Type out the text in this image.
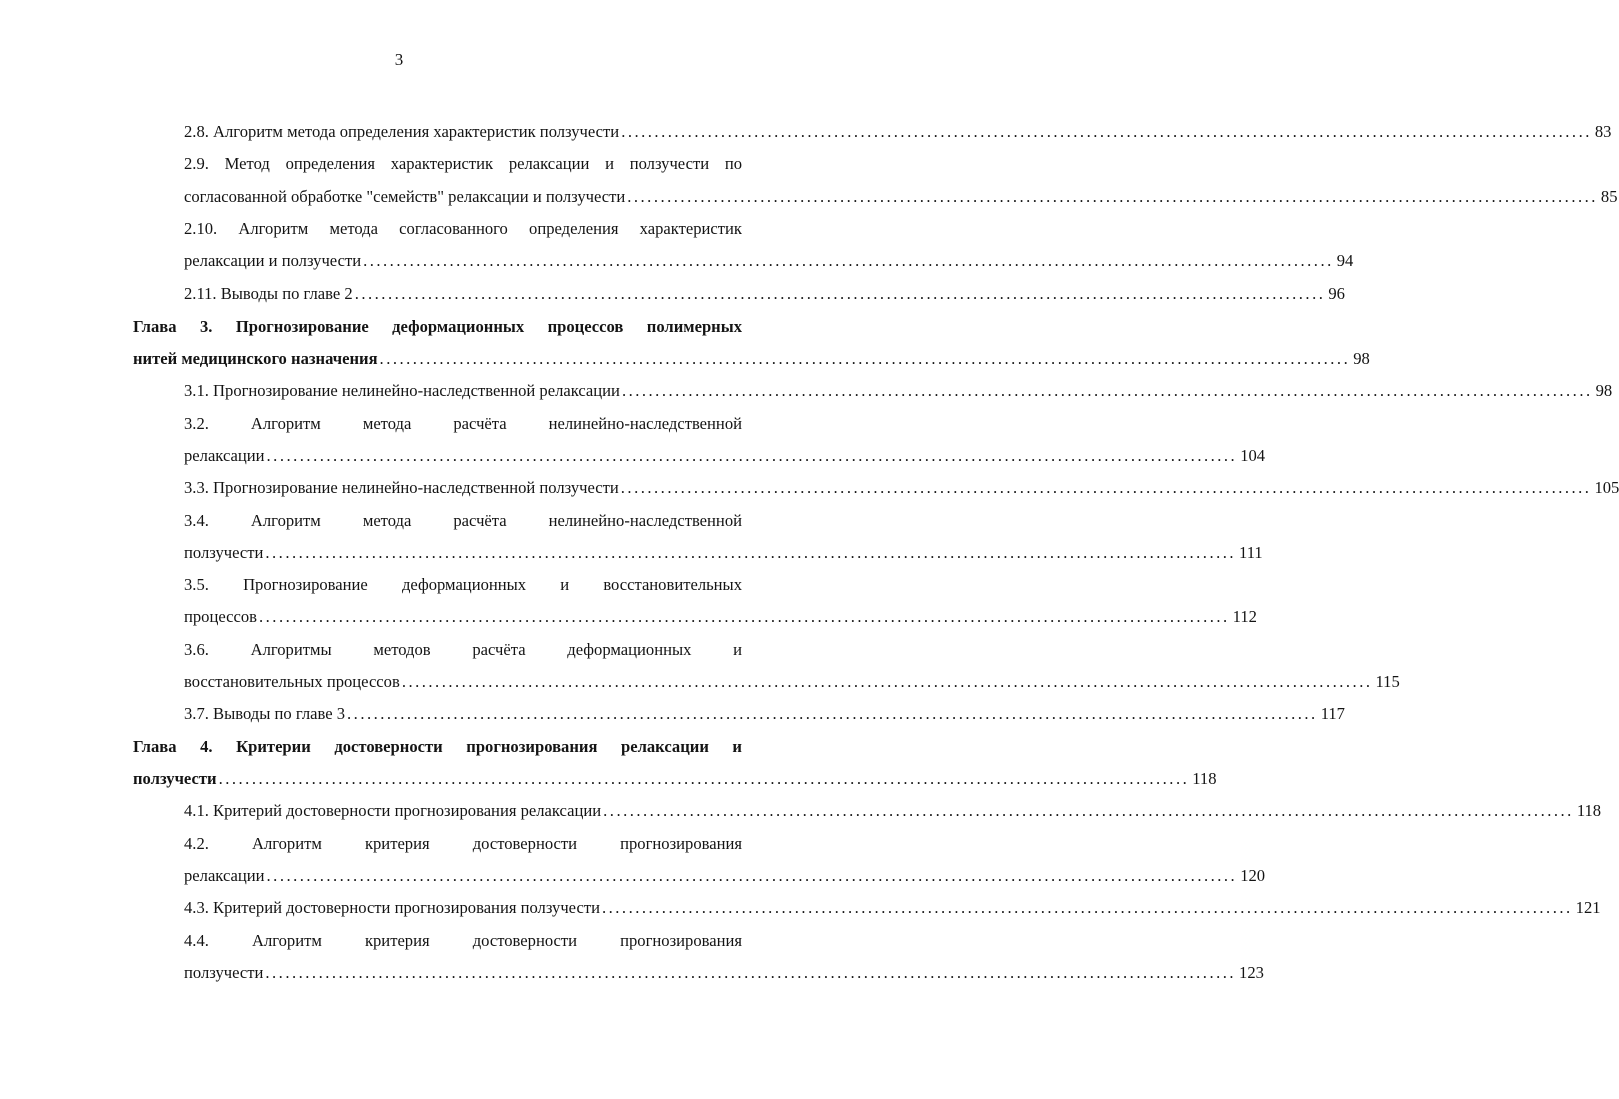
3
2.8. Алгоритм метода определения характеристик ползучести .................................................................................................................................................. 83
2.9. Метод определения характеристик релаксации и ползучести по
согласованной обработке "семейств" релаксации и ползучести .................................................................................................................................................. 85
2.10. Алгоритм метода согласованного определения характеристик
релаксации и ползучести .................................................................................................................................................. 94
2.11. Выводы по главе 2 .................................................................................................................................................. 96
Глава 3. Прогнозирование деформационных процессов полимерных
нитей медицинского назначения .................................................................................................................................................. 98
3.1. Прогнозирование нелинейно-наследственной релаксации .................................................................................................................................................. 98
3.2. Алгоритм метода расчёта нелинейно-наследственной
релаксации .................................................................................................................................................. 104
3.3. Прогнозирование нелинейно-наследственной ползучести .................................................................................................................................................. 105
3.4. Алгоритм метода расчёта нелинейно-наследственной
ползучести .................................................................................................................................................. 111
3.5. Прогнозирование деформационных и восстановительных
процессов .................................................................................................................................................. 112
3.6. Алгоритмы методов расчёта деформационных и
восстановительных процессов .................................................................................................................................................. 115
3.7. Выводы по главе 3 .................................................................................................................................................. 117
Глава 4. Критерии достоверности прогнозирования релаксации и
ползучести .................................................................................................................................................. 118
4.1. Критерий достоверности прогнозирования релаксации .................................................................................................................................................. 118
4.2. Алгоритм критерия достоверности прогнозирования
релаксации .................................................................................................................................................. 120
4.3. Критерий достоверности прогнозирования ползучести .................................................................................................................................................. 121
4.4. Алгоритм критерия достоверности прогнозирования
ползучести .................................................................................................................................................. 123
